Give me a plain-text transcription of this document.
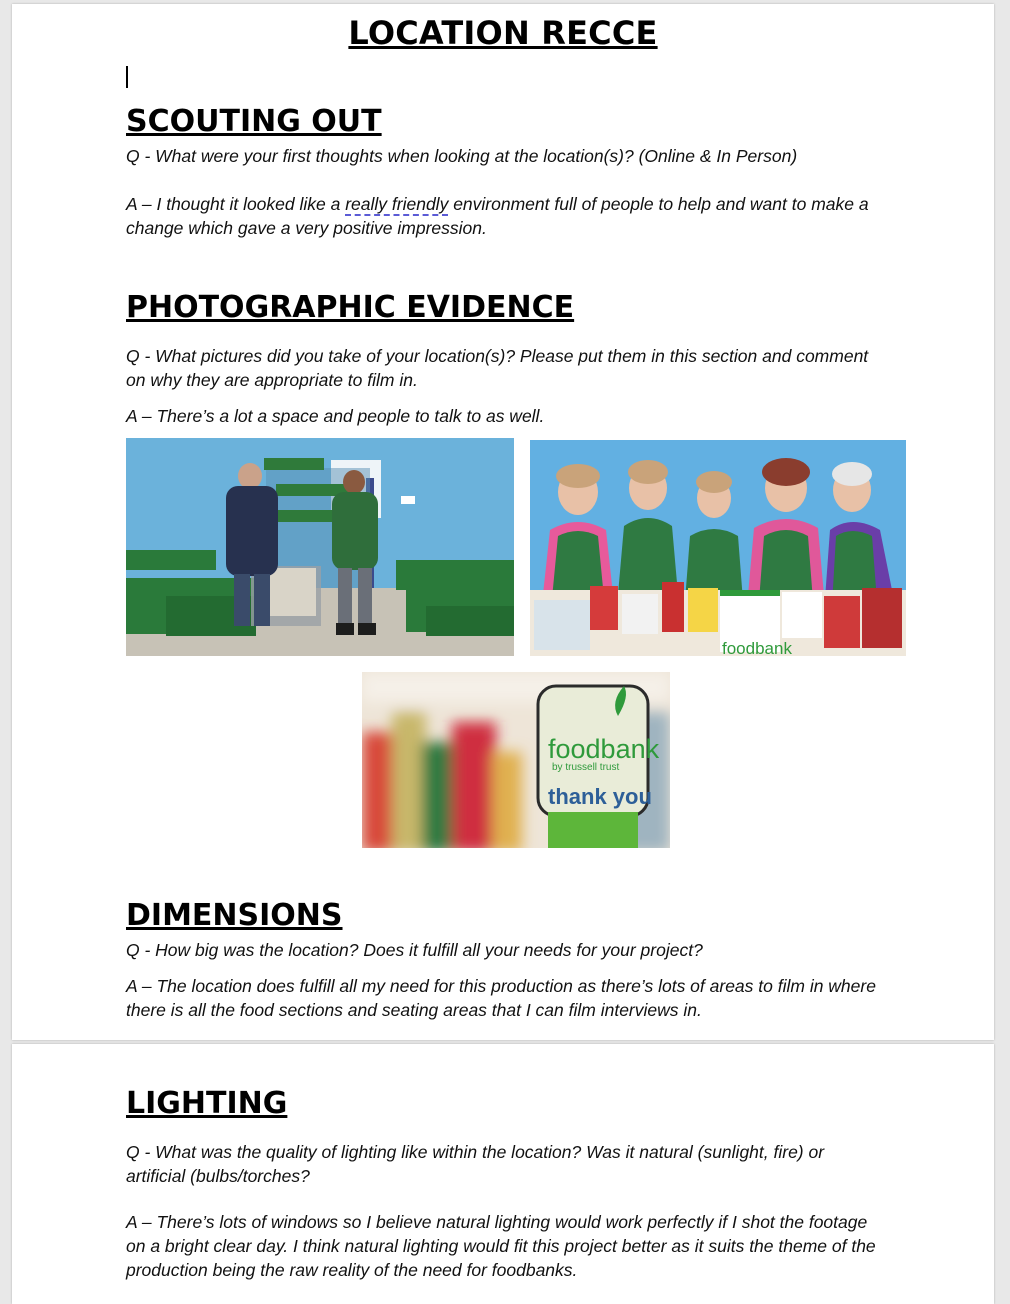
LOCATION RECCE
SCOUTING OUT

Q - What were your first thoughts when looking at the location(s)? (Online & In Person)

A – I thought it looked like a really friendly environment full of people to help and want to make a change which gave a very positive impression.

PHOTOGRAPHIC EVIDENCE

Q - What pictures did you take of your location(s)? Please put them in this section and comment on why they are appropriate to film in.

A – There’s a lot a space and people to talk to as well.

foodbank
foodbank
by trussell trust
thank you
DIMENSIONS

Q - How big was the location? Does it fulfill all your needs for your project?

A – The location does fulfill all my need for this production as there’s lots of areas to film in where there is all the food sections and seating areas that I can film interviews in.

LIGHTING

Q - What was the quality of lighting like within the location? Was it natural (sunlight, fire) or artificial (bulbs/torches?

A – There’s lots of windows so I believe natural lighting would work perfectly if I shot the footage on a bright clear day. I think natural lighting would fit this project better as it suits the theme of the production being the raw reality of the need for foodbanks.
